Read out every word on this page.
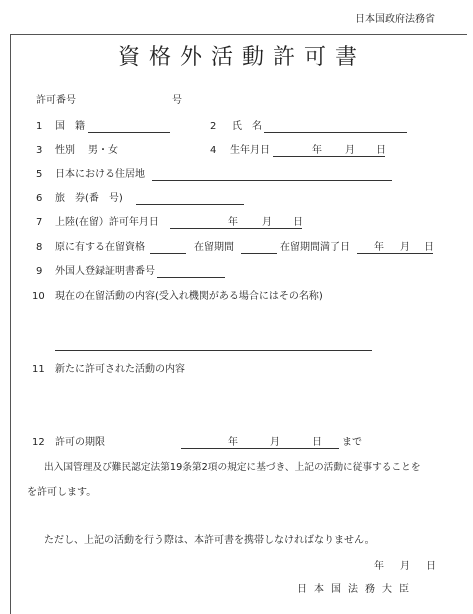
日本国政府法務省
資格外活動許可書
許可番号	号
1 国　籍	2 氏　名
3 性別 男・女	4 生年月日	年 月 日
5 日本における住居地
6 旅　券(番　号)
7 上陸(在留）許可年月日	年 月 日
8 原に有する在留資格	在留期間	在留期間満了日 年 月 日
9 外国人登録証明書番号
10 現在の在留活動の内容(受入れ機関がある場合にはその名称)
11 新たに許可された活動の内容
12 許可の期限	年	月	日 まで
出入国管理及び難民認定法第19条第2項の規定に基づき、上記の活動に従事することを
を許可します。
ただし、上記の活動を行う際は、本許可書を携帯しなければなりません。
年 月 日
日本国法務大臣
